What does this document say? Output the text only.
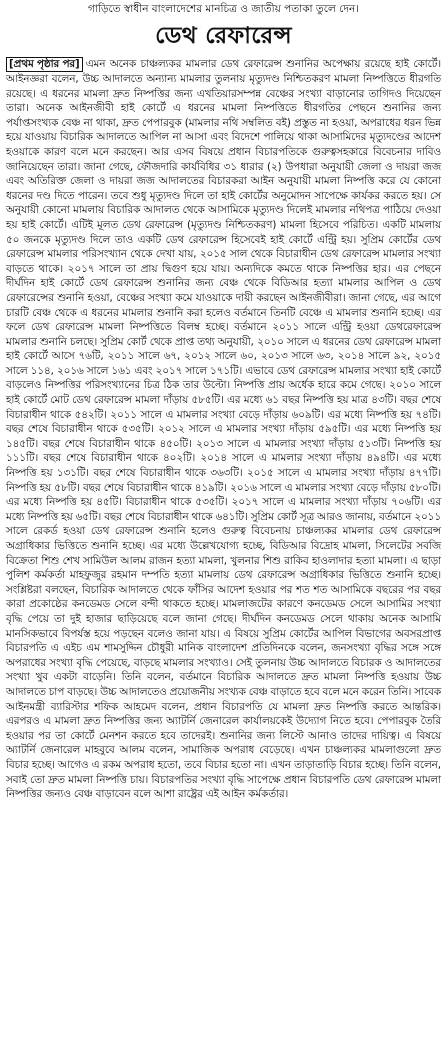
গাড়িতে স্বাধীন বাংলাদেশের মানচিত্র ও জাতীয় পতাকা তুলে দেন।
ডেথ রেফারেন্স

[প্রথম পৃষ্ঠার পর] এমন অনেক চাঞ্চল্যকর মামলার ডেথ রেফারেন্স শুনানির অপেক্ষায় রয়েছে হাই কোর্টে। আইনজ্ঞরা বলেন, উচ্চ আদালতে অন্যান্য মামলার তুলনায় মৃত্যুদণ্ড নিশ্চিতকরণ মামলা নিষ্পত্তিতে ধীরগতি রয়েছে। এ ধরনের মামলা দ্রুত নিষ্পত্তির জন্য এখতিয়ারসম্পন্ন বেঞ্চের সংখ্যা বাড়ানোর তাগিদও দিয়েছেন তারা। অনেক আইনজীবী হাই কোর্টে এ ধরনের মামলা নিষ্পত্তিতে ধীরগতির পেছনে শুনানির জন্য পর্যাপ্তসংখ্যক বেঞ্চ না থাকা, দ্রুত পেপারবুক (মামলার নথি সম্বলিত বই) প্রস্তুত না হওয়া, অপরাধের ধরন ভিন্ন হয়ে যাওয়ায় বিচারিক আদালতে আপিল না আসা এবং বিদেশে পালিয়ে থাকা আসামিদের মৃত্যুদণ্ডের আদেশ হওয়াকে কারণ বলে মনে করছেন। আর এসব বিষয়ে প্রধান বিচারপতিকে গুরুত্বসহকারে বিবেচনার দাবিও জানিয়েছেন তারা। জানা গেছে, ফৌজদারি কার্যবিধির ৩১ ধারার (২) উপধারা অনুযায়ী জেলা ও দায়রা জজ এবং অতিরিক্ত জেলা ও দায়রা জজ আদালতের বিচারকরা আইন অনুযায়ী মামলা নিষ্পত্তি করে যে কোনো ধরনের দণ্ড দিতে পারেন। তবে শুধু মৃত্যুদণ্ড দিলে তা হাই কোর্টের অনুমোদন সাপেক্ষে কার্যকর করতে হয়। সে অনুযায়ী কোনো মামলায় বিচারিক আদালত থেকে আসামিকে মৃত্যুদণ্ড দিলেই মামলার নথিপত্র পাঠিয়ে দেওয়া হয় হাই কোর্টে। এটিই মূলত ডেথ রেফারেন্স (মৃত্যুদণ্ড নিশ্চিতকরণ) মামলা হিসেবে পরিচিত। একটি মামলায় ৫০ জনকে মৃত্যুদণ্ড দিলে তাও একটি ডেথ রেফারেন্স হিসেবেই হাই কোর্টে এন্ট্রি হয়। সুপ্রিম কোর্টের ডেথ রেফারেন্স মামলার পরিসংখ্যান থেকে দেখা যায়, ২০১৫ সাল থেকে বিচারাধীন ডেথ রেফারেন্স মামলার সংখ্যা বাড়তে থাকে। ২০১৭ সালে তা প্রায় দ্বিগুণ হয়ে যায়। অন্যদিকে কমতে থাকে নিষ্পত্তির হার। এর পেছনে দীর্ঘদিন হাই কোর্টে ডেথ রেফারেন্স শুনানির জন্য বেঞ্চ থেকে বিডিআর হত্যা মামলার আপিল ও ডেথ রেফারেন্সের শুনানি হওয়া, বেঞ্চের সংখ্যা কমে যাওয়াকে দায়ী করছেন আইনজীবীরা। জানা গেছে, এর আগে চারটি বেঞ্চ থেকে এ ধরনের মামলার শুনানি করা হলেও বর্তমানে তিনটি বেঞ্চে এ মামলার শুনানি হচ্ছে। এর ফলে ডেথ রেফারেন্স মামলা নিষ্পত্তিতে বিলম্ব হচ্ছে। বর্তমানে ২০১১ সালে এন্ট্রি হওয়া ডেথরেফারেন্স মামলার শুনানি চলছে। সুপ্রিম কোর্ট থেকে প্রাপ্ত তথ্য অনুযায়ী, ২০১০ সালে এ ধরনের ডেথ রেফারেন্স মামলা হাই কোর্টে আসে ৭৬টি, ২০১১ সালে ৬৭, ২০১২ সালে ৬০, ২০১৩ সালে ৬৩, ২০১৪ সালে ৯২, ২০১৫ সালে ১১৪, ২০১৬ সালে ১৬১ এবং ২০১৭ সালে ১৭১টি। এভাবে ডেথ রেফারেন্স মামলার সংখ্যা হাই কোর্টে বাড়লেও নিষ্পত্তির পরিসংখ্যানের চিত্র ঠিক তার উল্টো। নিষ্পত্তি প্রায় অর্ধেক হারে কমে গেছে। ২০১০ সালে হাই কোর্টে মোট ডেথ রেফারেন্স মামলা দাঁড়ায় ৫৮৫টি। এর মধ্যে ৬১ বছর নিষ্পত্তি হয় মাত্র ৪৩টি। বছর শেষে বিচারাধীন থাকে ৫৪২টি। ২০১১ সালে এ মামলার সংখ্যা বেড়ে দাঁড়ায় ৬০৯টি। এর মধ্যে নিষ্পত্তি হয় ৭৪টি। বছর শেষে বিচারাধীন থাকে ৫৩৫টি। ২০১২ সালে এ মামলার সংখ্যা দাঁড়ায় ৫৯৫টি। এর মধ্যে নিষ্পত্তি হয় ১৪৫টি। বছর শেষে বিচারাধীন থাকে ৪৫০টি। ২০১৩ সালে এ মামলার সংখ্যা দাঁড়ায় ৫১৩টি। নিষ্পত্তি হয় ১১১টি। বছর শেষে বিচারাধীন থাকে ৪০২টি। ২০১৪ সালে এ মামলার সংখ্যা দাঁড়ায় ৪৯৪টি। এর মধ্যে নিষ্পত্তি হয় ১৩১টি। বছর শেষে বিচারাধীন থাকে ৩৬৩টি। ২০১৫ সালে এ মামলার সংখ্যা দাঁড়ায় ৪৭৭টি। নিষ্পত্তি হয় ৫৮টি। বছর শেষে বিচারাধীন থাকে ৪১৯টি। ২০১৬ সালে এ মামলার সংখ্যা বেড়ে দাঁড়ায় ৫৮০টি। এর মধ্যে নিষ্পত্তি হয় ৪৫টি। বিচারাধীন থাকে ৫৩৫টি। ২০১৭ সালে এ মামলার সংখ্যা দাঁড়ায় ৭০৬টি। এর মধ্যে নিষ্পত্তি হয় ৬৫টি। বছর শেষে বিচারাধীন থাকে ৬৪১টি। সুপ্রিম কোর্ট সূত্র আরও জানায়, বর্তমানে ২০১১ সালে রেকর্ড হওয়া ডেথ রেফারেন্স শুনানি হলেও গুরুত্ব বিবেচনায় চাঞ্চল্যকর মামলার ডেথ রেফারেন্স অগ্রাধিকার ভিত্তিতে শুনানি হচ্ছে। এর মধ্যে উল্লেখযোগ্য হচ্ছে, বিডিআর বিদ্রোহ মামলা, সিলেটের সবজি বিক্রেতা শিশু শেখ সামিউল আলম রাজন হত্যা মামলা, খুলনার শিশু রাকিব হাওলাদার হত্যা মামলা। এ ছাড়া পুলিশ কর্মকর্তা মাহফুজুর রহমান দম্পতি হত্যা মামলায় ডেথ রেফারেন্স অগ্রাধিকার ভিত্তিতে শুনানি হচ্ছে। সংশ্লিষ্টরা বলছেন, বিচারিক আদালতে থেকে ফাঁসির আদেশ হওয়ার পর শত শত আসামিকে বছরের পর বছর কারা প্রকোষ্ঠের কনডেমড সেলে বন্দী থাকতে হচ্ছে। মামলাজটের কারণে কনডেমড সেলে আসামির সংখ্যা বৃদ্ধি পেয়ে তা দুই হাজার ছাড়িয়েছে বলে জানা গেছে। দীর্ঘদিন কনডেমড সেলে থাকায় অনেক আসামি মানসিকভাবে বিপর্যস্ত হয়ে পড়ছেন বলেও জানা যায়। এ বিষয়ে সুপ্রিম কোর্টের আপিল বিভাগের অবসরপ্রাপ্ত বিচারপতি এ এইচ এম শামসুদ্দিন চৌধুরী মানিক বাংলাদেশ প্রতিদিনকে বলেন, জনসংখ্যা বৃদ্ধির সঙ্গে সঙ্গে অপরাধের সংখ্যা বৃদ্ধি পেয়েছে, বাড়ছে মামলার সংখ্যাও। সেই তুলনায় উচ্চ আদালতে বিচারক ও আদালতের সংখ্যা খুব একটা বাড়েনি। তিনি বলেন, বর্তমানে বিচারিক আদালতে দ্রুত মামলা নিষ্পত্তি হওয়ায় উচ্চ আদালতে চাপ বাড়ছে। উচ্চ আদালতেও প্রয়োজনীয় সংখ্যক বেঞ্চ বাড়াতে হবে বলে মনে করেন তিনি। সাবেক আইনমন্ত্রী ব্যারিস্টার শফিক আহমেদ বলেন, প্রধান বিচারপতি যে মামলা দ্রুত নিষ্পত্তি করতে আন্তরিক। এরপরও এ মামলা দ্রুত নিষ্পত্তির জন্য অ্যাটর্নি জেনারেল কার্যালয়কেই উদ্যোগ নিতে হবে। পেপারবুক তৈরি হওয়ার পর তা কোর্টে মেনশন করতে হবে তাদেরই। শুনানির জন্য লিস্টে আনাও তাদের দায়িত্ব। এ বিষয়ে অ্যাটর্নি জেনারেল মাহবুবে আলম বলেন, সামাজিক অপরাধ বেড়েছে। এখন চাঞ্চল্যকর মামলাগুলো দ্রুত বিচার হচ্ছে। আগেও এ রকম অপরাধ হতো, তবে বিচার হতো না। এখন তাড়াতাড়ি বিচার হচ্ছে। তিনি বলেন, সবাই তো দ্রুত মামলা নিষ্পত্তি চায়। বিচারপতির সংখ্যা বৃদ্ধি সাপেক্ষে প্রধান বিচারপতি ডেথ রেফারেন্স মামলা নিষ্পত্তির জন্যও বেঞ্চ বাড়াবেন বলে আশা রাষ্ট্রের এই আইন কর্মকর্তার।
